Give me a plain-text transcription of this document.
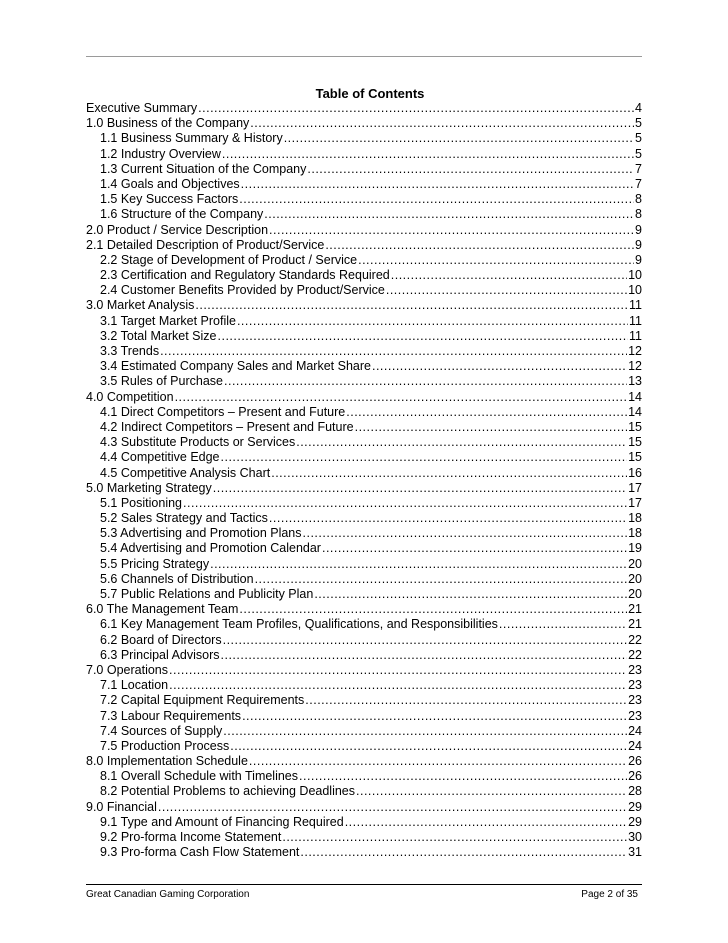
Table of Contents
Executive Summary .....	4
1.0 Business of the Company .....	5
1.1 Business Summary & History .....	5
1.2 Industry Overview .....	5
1.3 Current Situation of the Company .....	7
1.4 Goals and Objectives .....	7
1.5 Key Success Factors .....	8
1.6 Structure of the Company .....	8
2.0 Product / Service Description .....	9
2.1 Detailed Description of Product/Service .....	9
2.2 Stage of Development of Product / Service .....	9
2.3 Certification and Regulatory Standards Required .....	10
2.4 Customer Benefits Provided by Product/Service .....	10
3.0 Market Analysis .....	11
3.1 Target Market Profile .....	11
3.2 Total Market Size .....	11
3.3 Trends .....	12
3.4 Estimated Company Sales and Market Share .....	12
3.5 Rules of Purchase .....	13
4.0 Competition .....	14
4.1 Direct Competitors – Present and Future .....	14
4.2 Indirect Competitors – Present and Future .....	15
4.3 Substitute Products or Services .....	15
4.4 Competitive Edge .....	15
4.5 Competitive Analysis Chart .....	16
5.0 Marketing Strategy .....	17
5.1 Positioning .....	17
5.2 Sales Strategy and Tactics .....	18
5.3 Advertising and Promotion Plans .....	18
5.4 Advertising and Promotion Calendar .....	19
5.5 Pricing Strategy .....	20
5.6 Channels of Distribution .....	20
5.7 Public Relations and Publicity Plan .....	20
6.0 The Management Team .....	21
6.1 Key Management Team Profiles, Qualifications, and Responsibilities .....	21
6.2 Board of Directors .....	22
6.3 Principal Advisors .....	22
7.0 Operations .....	23
7.1 Location .....	23
7.2 Capital Equipment Requirements .....	23
7.3 Labour Requirements .....	23
7.4 Sources of Supply .....	24
7.5 Production Process .....	24
8.0 Implementation Schedule .....	26
8.1 Overall Schedule with Timelines .....	26
8.2 Potential Problems to achieving Deadlines .....	28
9.0 Financial .....	29
9.1 Type and Amount of Financing Required .....	29
9.2 Pro-forma Income Statement .....	30
9.3 Pro-forma Cash Flow Statement .....	31
Great Canadian Gaming Corporation	Page 2 of 35
